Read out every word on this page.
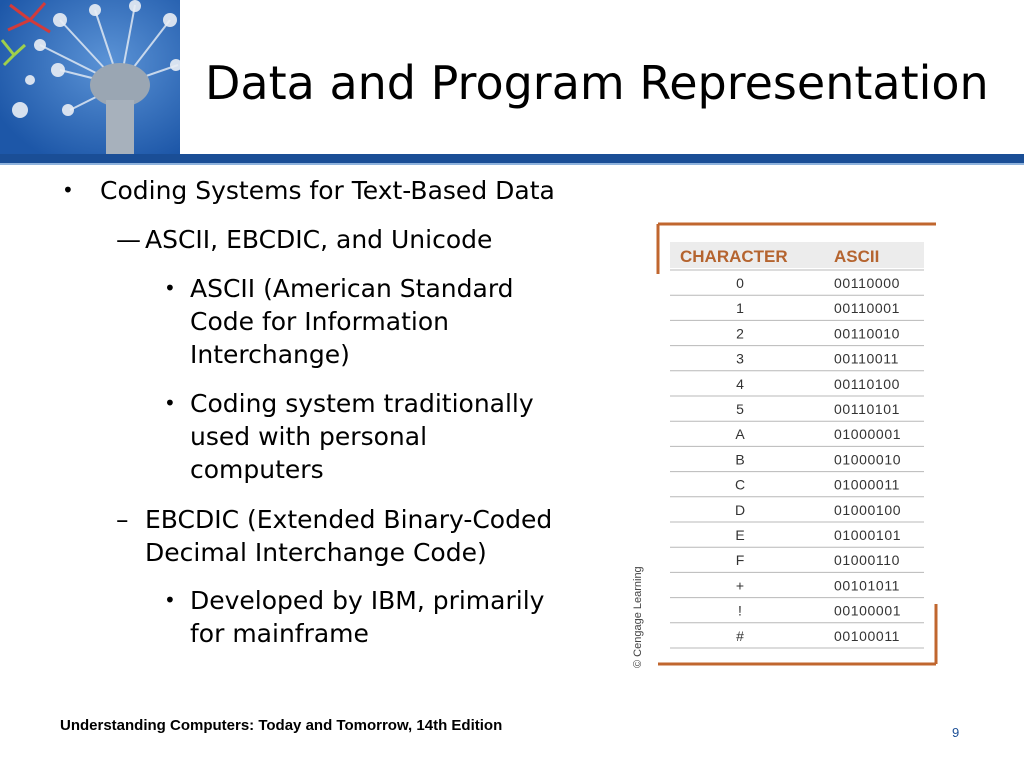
Data and Program Representation
• Coding Systems for Text-Based Data
— ASCII, EBCDIC, and Unicode
• ASCII (American Standard
Code for Information
Interchange)
• Coding system traditionally
used with personal
computers
– EBCDIC (Extended Binary-Coded
Decimal Interchange Code)
• Developed by IBM, primarily
for mainframe
CHARACTER	ASCII
0	00110000
1	00110001
2	00110010
3	00110011
4	00110100
5	00110101
A	01000001
B	01000010
C	01000011
D	01000100
E	01000101
F	01000110
+	00101011
!	00100001
#	00100011
© Cengage Learning
Understanding Computers: Today and Tomorrow, 14th Edition	9
